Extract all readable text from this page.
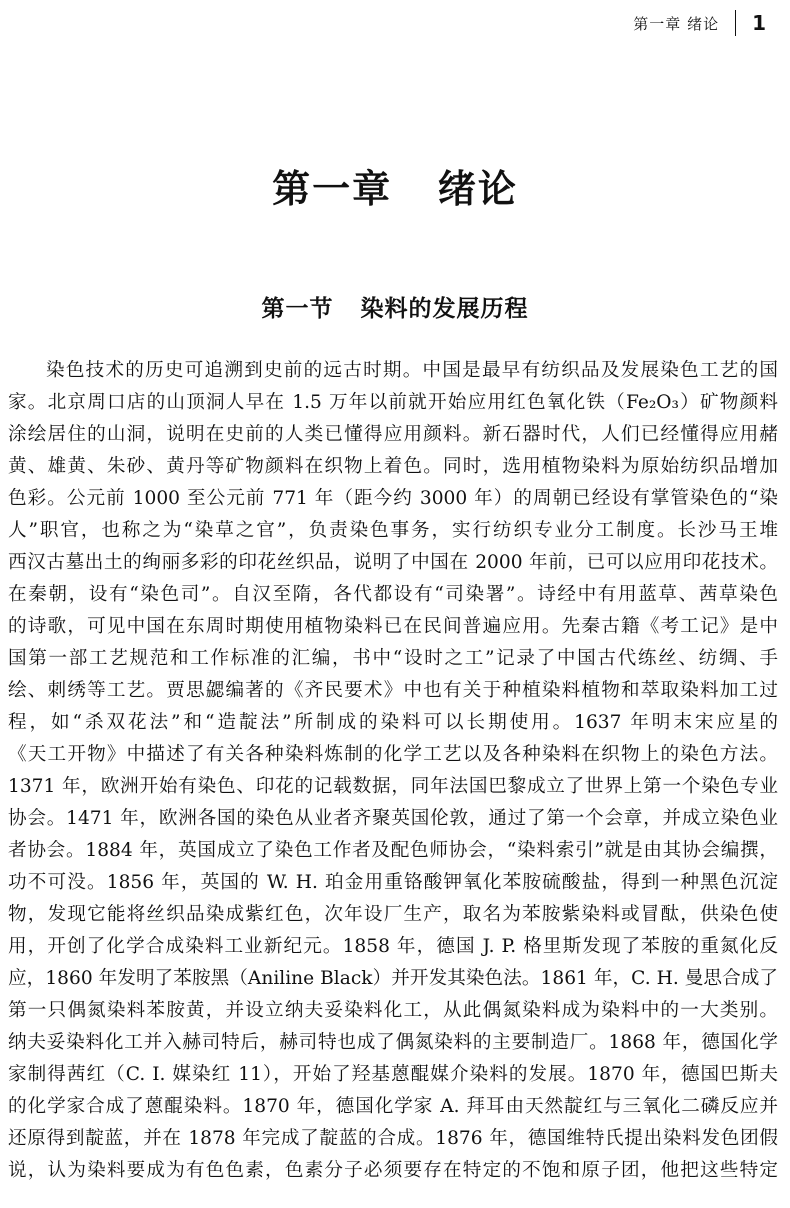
第一章 绪论 1
第一章   绪论
第一节   染料的发展历程
染色技术的历史可追溯到史前的远古时期。中国是最早有纺织品及发展染色工艺的国
家。北京周口店的山顶洞人早在 1.5 万年以前就开始应用红色氧化铁（Fe₂O₃）矿物颜料
涂绘居住的山洞，说明在史前的人类已懂得应用颜料。新石器时代，人们已经懂得应用赭
黄、雄黄、朱砂、黄丹等矿物颜料在织物上着色。同时，选用植物染料为原始纺织品增加
色彩。公元前 1000 至公元前 771 年（距今约 3000 年）的周朝已经设有掌管染色的“染
人”职官，也称之为“染草之官”，负责染色事务，实行纺织专业分工制度。长沙马王堆
西汉古墓出土的绚丽多彩的印花丝织品，说明了中国在 2000 年前，已可以应用印花技术。
在秦朝，设有“染色司”。自汉至隋，各代都设有“司染署”。诗经中有用蓝草、茜草染色
的诗歌，可见中国在东周时期使用植物染料已在民间普遍应用。先秦古籍《考工记》是中
国第一部工艺规范和工作标准的汇编，书中“设时之工”记录了中国古代练丝、纺绸、手
绘、刺绣等工艺。贾思勰编著的《齐民要术》中也有关于种植染料植物和萃取染料加工过
程，如“杀双花法”和“造靛法”所制成的染料可以长期使用。1637 年明末宋应星的
《天工开物》中描述了有关各种染料炼制的化学工艺以及各种染料在织物上的染色方法。
1371 年，欧洲开始有染色、印花的记载数据，同年法国巴黎成立了世界上第一个染色专业
协会。1471 年，欧洲各国的染色从业者齐聚英国伦敦，通过了第一个会章，并成立染色业
者协会。1884 年，英国成立了染色工作者及配色师协会，“染料索引”就是由其协会编撰，
功不可没。1856 年，英国的 W. H. 珀金用重铬酸钾氧化苯胺硫酸盐，得到一种黑色沉淀
物，发现它能将丝织品染成紫红色，次年设厂生产，取名为苯胺紫染料或冒酞，供染色使
用，开创了化学合成染料工业新纪元。1858 年，德国 J. P. 格里斯发现了苯胺的重氮化反
应，1860 年发明了苯胺黑（Aniline Black）并开发其染色法。1861 年，C. H. 曼思合成了
第一只偶氮染料苯胺黄，并设立纳夫妥染料化工，从此偶氮染料成为染料中的一大类别。
纳夫妥染料化工并入赫司特后，赫司特也成了偶氮染料的主要制造厂。1868 年，德国化学
家制得茜红（C. I. 媒染红 11），开始了羟基蒽醌媒介染料的发展。1870 年，德国巴斯夫
的化学家合成了蒽醌染料。1870 年，德国化学家 A. 拜耳由天然靛红与三氧化二磷反应并
还原得到靛蓝，并在 1878 年完成了靛蓝的合成。1876 年，德国维特氏提出染料发色团假
说，认为染料要成为有色色素，色素分子必须要存在特定的不饱和原子团，他把这些特定
